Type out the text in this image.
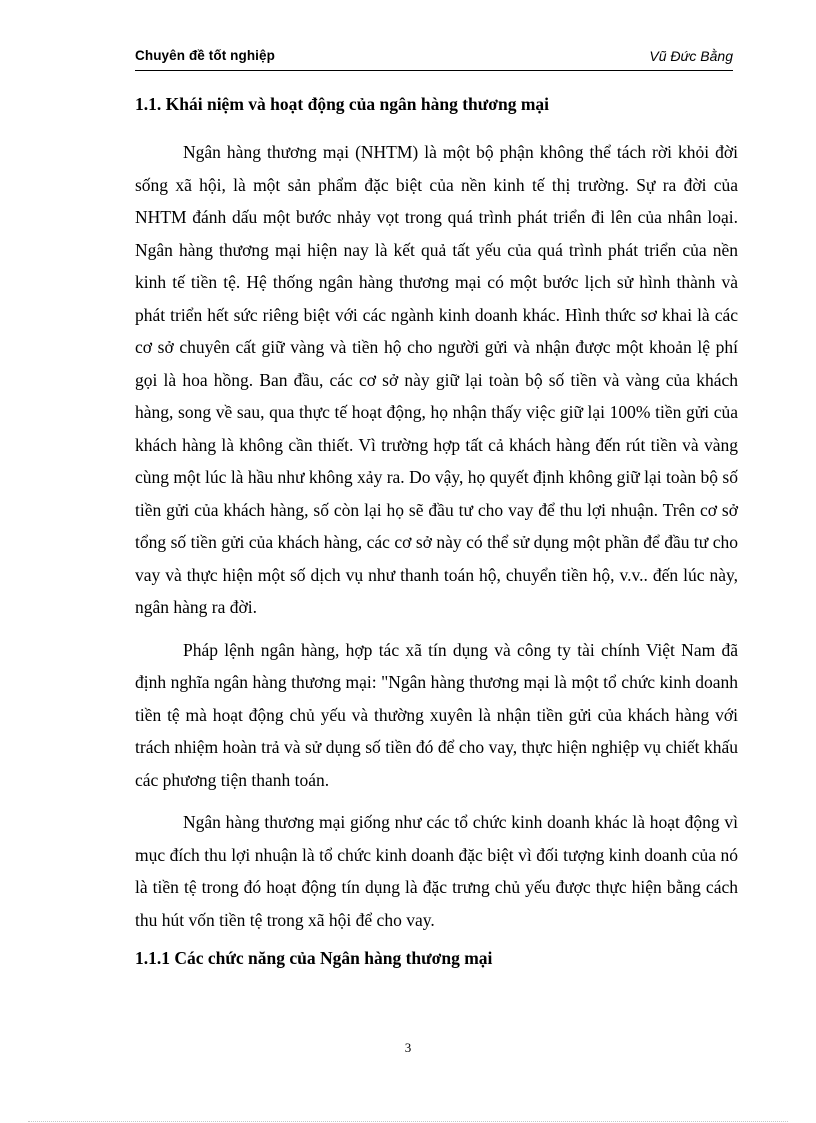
Chuyên đề tốt nghiệp	Vũ Đức Bằng

1.1. Khái niệm và hoạt động của ngân hàng thương mại

Ngân hàng thương mại (NHTM) là một bộ phận không thể tách rời khỏi đời sống xã hội, là một sản phẩm đặc biệt của nền kinh tế thị trường. Sự ra đời của NHTM đánh dấu một bước nhảy vọt trong quá trình phát triển đi lên của nhân loại. Ngân hàng thương mại hiện nay là kết quả tất yếu của quá trình phát triển của nền kinh tế tiền tệ. Hệ thống ngân hàng thương mại có một bước lịch sử hình thành và phát triển hết sức riêng biệt với các ngành kinh doanh khác. Hình thức sơ khai là các cơ sở chuyên cất giữ vàng và tiền hộ cho người gửi và nhận được một khoản lệ phí gọi là hoa hồng. Ban đầu, các cơ sở này giữ lại toàn bộ số tiền và vàng của khách hàng, song về sau, qua thực tế hoạt động, họ nhận thấy việc giữ lại 100% tiền gửi của khách hàng là không cần thiết. Vì trường hợp tất cả khách hàng đến rút tiền và vàng cùng một lúc là hầu như không xảy ra. Do vậy, họ quyết định không giữ lại toàn bộ số tiền gửi của khách hàng, số còn lại họ sẽ đầu tư cho vay để thu lợi nhuận. Trên cơ sở tổng số tiền gửi của khách hàng, các cơ sở này có thể sử dụng một phần để đầu tư cho vay và thực hiện một số dịch vụ như thanh toán hộ, chuyển tiền hộ, v.v.. đến lúc này, ngân hàng ra đời.

Pháp lệnh ngân hàng, hợp tác xã tín dụng và công ty tài chính Việt Nam đã định nghĩa ngân hàng thương mại: "Ngân hàng thương mại là một tổ chức kinh doanh tiền tệ mà hoạt động chủ yếu và thường xuyên là nhận tiền gửi của khách hàng với trách nhiệm hoàn trả và sử dụng số tiền đó để cho vay, thực hiện nghiệp vụ chiết khấu các phương tiện thanh toán.

Ngân hàng thương mại giống như các tổ chức kinh doanh khác là hoạt động vì mục đích thu lợi nhuận là tổ chức kinh doanh đặc biệt vì đối tượng kinh doanh của nó là tiền tệ trong đó hoạt động tín dụng là đặc trưng chủ yếu được thực hiện bằng cách thu hút vốn tiền tệ trong xã hội để cho vay.

1.1.1 Các chức năng của Ngân hàng thương mại

3
